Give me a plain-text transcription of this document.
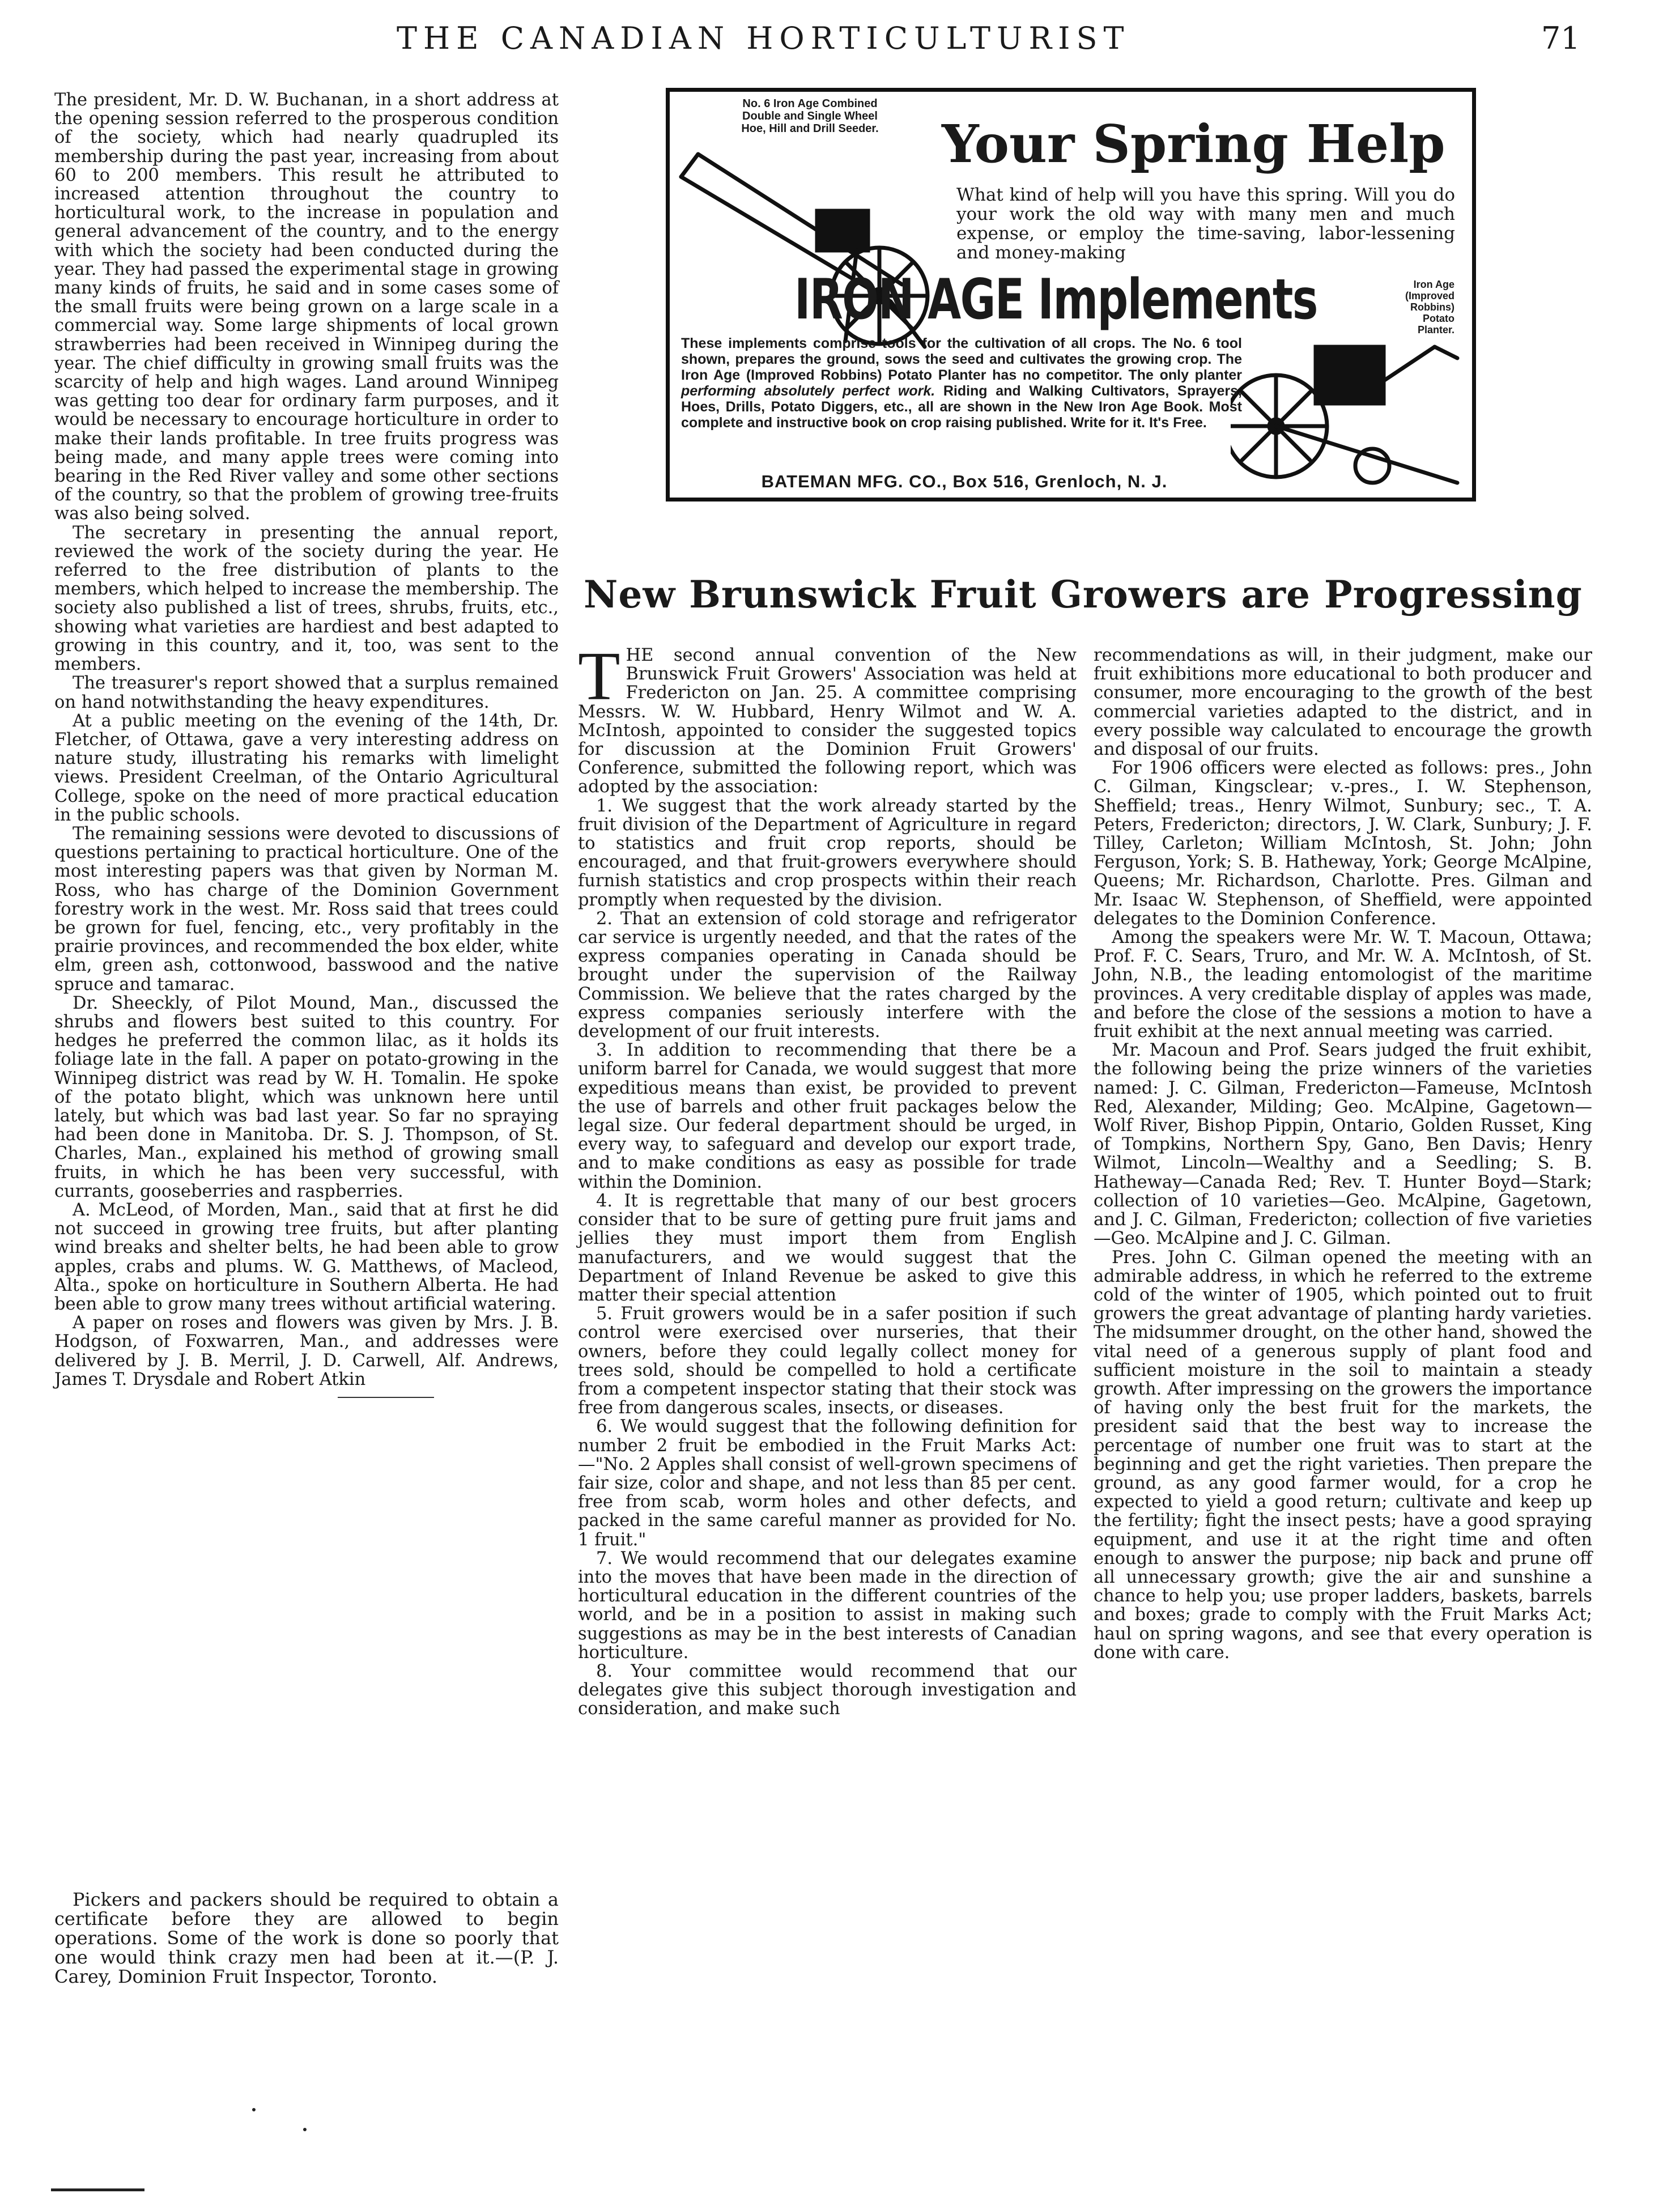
THE CANADIAN HORTICULTURIST	71

The president, Mr. D. W. Buchanan, in a short address at the opening session referred to the prosperous condition of the society, which had nearly quadrupled its membership during the past year, increasing from about 60 to 200 members. This result he attributed to increased attention throughout the country to horticultural work, to the increase in population and general advancement of the country, and to the energy with which the society had been conducted during the year. They had passed the experimental stage in growing many kinds of fruits, he said and in some cases some of the small fruits were being grown on a large scale in a commercial way. Some large shipments of local grown strawberries had been received in Winnipeg during the year. The chief difficulty in growing small fruits was the scarcity of help and high wages. Land around Winnipeg was getting too dear for ordinary farm purposes, and it would be necessary to encourage horticulture in order to make their lands profitable. In tree fruits progress was being made, and many apple trees were coming into bearing in the Red River valley and some other sections of the country, so that the problem of growing tree-fruits was also being solved.

The secretary in presenting the annual report, reviewed the work of the society during the year. He referred to the free distribution of plants to the members, which helped to increase the membership. The society also published a list of trees, shrubs, fruits, etc., showing what varieties are hardiest and best adapted to growing in this country, and it, too, was sent to the members.

The treasurer's report showed that a surplus remained on hand notwithstanding the heavy expenditures.

At a public meeting on the evening of the 14th, Dr. Fletcher, of Ottawa, gave a very interesting address on nature study, illustrating his remarks with limelight views. President Creelman, of the Ontario Agricultural College, spoke on the need of more practical education in the public schools.

The remaining sessions were devoted to discussions of questions pertaining to practical horticulture. One of the most interesting papers was that given by Norman M. Ross, who has charge of the Dominion Government forestry work in the west. Mr. Ross said that trees could be grown for fuel, fencing, etc., very profitably in the prairie provinces, and recommended the box elder, white elm, green ash, cottonwood, basswood and the native spruce and tamarac.

Dr. Sheeckly, of Pilot Mound, Man., discussed the shrubs and flowers best suited to this country. For hedges he preferred the common lilac, as it holds its foliage late in the fall. A paper on potato-growing in the Winnipeg district was read by W. H. Tomalin. He spoke of the potato blight, which was unknown here until lately, but which was bad last year. So far no spraying had been done in Manitoba. Dr. S. J. Thompson, of St. Charles, Man., explained his method of growing small fruits, in which he has been very successful, with currants, gooseberries and raspberries.

A. McLeod, of Morden, Man., said that at first he did not succeed in growing tree fruits, but after planting wind breaks and shelter belts, he had been able to grow apples, crabs and plums. W. G. Matthews, of Macleod, Alta., spoke on horticulture in Southern Alberta. He had been able to grow many trees without artificial watering.

A paper on roses and flowers was given by Mrs. J. B. Hodgson, of Foxwarren, Man., and addresses were delivered by J. B. Merril, J. D. Carwell, Alf. Andrews, James T. Drysdale and Robert Atkin

Pickers and packers should be required to obtain a certificate before they are allowed to begin operations. Some of the work is done so poorly that one would think crazy men had been at it.—(P. J. Carey, Dominion Fruit Inspector, Toronto.

No. 6 Iron Age Combined Double and Single Wheel Hoe, Hill and Drill Seeder. Your Spring Help
What kind of help will you have this spring. Will you do your work the old way with many men and much expense, or employ the time-saving, labor-lessening and money-making
IRON AGE Implements	Iron Age (Improved Robbins) Potato Planter.
These implements comprise tools for the cultivation of all crops. The No. 6 tool shown, prepares the ground, sows the seed and cultivates the growing crop. The Iron Age (Improved Robbins) Potato Planter has no competitor. The only planter performing absolutely perfect work. Riding and Walking Cultivators, Sprayers, Hoes, Drills, Potato Diggers, etc., all are shown in the New Iron Age Book. Most complete and instructive book on crop raising published. Write for it. It's Free.
BATEMAN MFG. CO., Box 516, Grenloch, N. J.
New Brunswick Fruit Growers are Progressing

THE second annual convention of the New Brunswick Fruit Growers' Association was held at Fredericton on Jan. 25. A committee comprising Messrs. W. W. Hubbard, Henry Wilmot and W. A. McIntosh, appointed to consider the suggested topics for discussion at the Dominion Fruit Growers' Conference, submitted the following report, which was adopted by the association:

1. We suggest that the work already started by the fruit division of the Department of Agriculture in regard to statistics and fruit crop reports, should be encouraged, and that fruit-growers everywhere should furnish statistics and crop prospects within their reach promptly when requested by the division.

2. That an extension of cold storage and refrigerator car service is urgently needed, and that the rates of the express companies operating in Canada should be brought under the supervision of the Railway Commission. We believe that the rates charged by the express companies seriously interfere with the development of our fruit interests.

3. In addition to recommending that there be a uniform barrel for Canada, we would suggest that more expeditious means than exist, be provided to prevent the use of barrels and other fruit packages below the legal size. Our federal department should be urged, in every way, to safeguard and develop our export trade, and to make conditions as easy as possible for trade within the Dominion.

4. It is regrettable that many of our best grocers consider that to be sure of getting pure fruit jams and jellies they must import them from English manufacturers, and we would suggest that the Department of Inland Revenue be asked to give this matter their special attention

5. Fruit growers would be in a safer position if such control were exercised over nurseries, that their owners, before they could legally collect money for trees sold, should be compelled to hold a certificate from a competent inspector stating that their stock was free from dangerous scales, insects, or diseases.

6. We would suggest that the following definition for number 2 fruit be embodied in the Fruit Marks Act:—"No. 2 Apples shall consist of well-grown specimens of fair size, color and shape, and not less than 85 per cent. free from scab, worm holes and other defects, and packed in the same careful manner as provided for No. 1 fruit."

7. We would recommend that our delegates examine into the moves that have been made in the direction of horticultural education in the different countries of the world, and be in a position to assist in making such suggestions as may be in the best interests of Canadian horticulture.

8. Your committee would recommend that our delegates give this subject thorough investigation and consideration, and make such

recommendations as will, in their judgment, make our fruit exhibitions more educational to both producer and consumer, more encouraging to the growth of the best commercial varieties adapted to the district, and in every possible way calculated to encourage the growth and disposal of our fruits.

For 1906 officers were elected as follows: pres., John C. Gilman, Kingsclear; v.-pres., I. W. Stephenson, Sheffield; treas., Henry Wilmot, Sunbury; sec., T. A. Peters, Fredericton; directors, J. W. Clark, Sunbury; J. F. Tilley, Carleton; William McIntosh, St. John; John Ferguson, York; S. B. Hatheway, York; George McAlpine, Queens; Mr. Richardson, Charlotte. Pres. Gilman and Mr. Isaac W. Stephenson, of Sheffield, were appointed delegates to the Dominion Conference.

Among the speakers were Mr. W. T. Macoun, Ottawa; Prof. F. C. Sears, Truro, and Mr. W. A. McIntosh, of St. John, N.B., the leading entomologist of the maritime provinces. A very creditable display of apples was made, and before the close of the sessions a motion to have a fruit exhibit at the next annual meeting was carried.

Mr. Macoun and Prof. Sears judged the fruit exhibit, the following being the prize winners of the varieties named: J. C. Gilman, Fredericton—Fameuse, McIntosh Red, Alexander, Milding; Geo. McAlpine, Gagetown—Wolf River, Bishop Pippin, Ontario, Golden Russet, King of Tompkins, Northern Spy, Gano, Ben Davis; Henry Wilmot, Lincoln—Wealthy and a Seedling; S. B. Hatheway—Canada Red; Rev. T. Hunter Boyd—Stark; collection of 10 varieties—Geo. McAlpine, Gagetown, and J. C. Gilman, Fredericton; collection of five varieties—Geo. McAlpine and J. C. Gilman.

Pres. John C. Gilman opened the meeting with an admirable address, in which he referred to the extreme cold of the winter of 1905, which pointed out to fruit growers the great advantage of planting hardy varieties. The midsummer drought, on the other hand, showed the vital need of a generous supply of plant food and sufficient moisture in the soil to maintain a steady growth. After impressing on the growers the importance of having only the best fruit for the markets, the president said that the best way to increase the percentage of number one fruit was to start at the beginning and get the right varieties. Then prepare the ground, as any good farmer would, for a crop he expected to yield a good return; cultivate and keep up the fertility; fight the insect pests; have a good spraying equipment, and use it at the right time and often enough to answer the purpose; nip back and prune off all unnecessary growth; give the air and sunshine a chance to help you; use proper ladders, baskets, barrels and boxes; grade to comply with the Fruit Marks Act; haul on spring wagons, and see that every operation is done with care.
